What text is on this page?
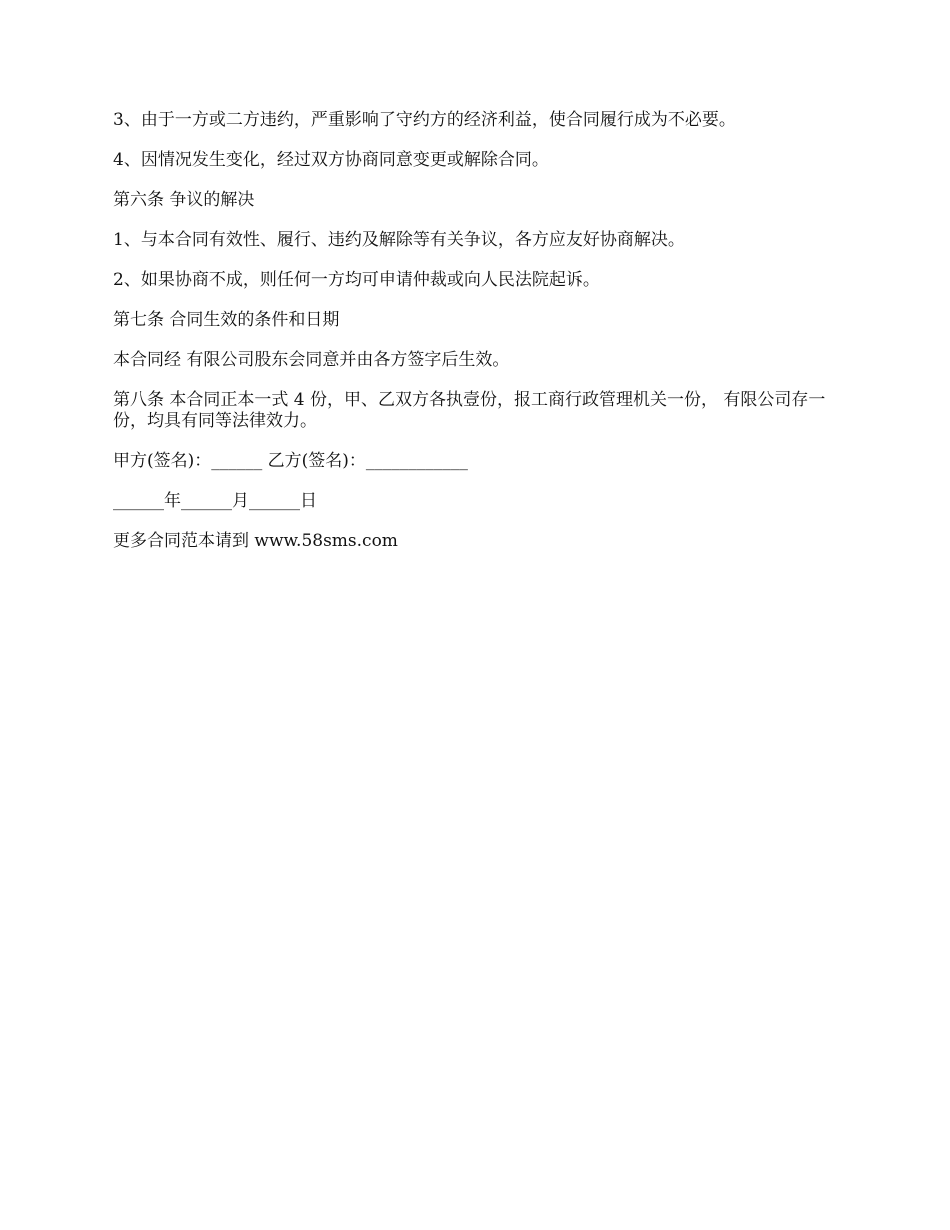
3、由于一方或二方违约，严重影响了守约方的经济利益，使合同履行成为不必要。

4、因情况发生变化，经过双方协商同意变更或解除合同。

第六条 争议的解决

1、与本合同有效性、履行、违约及解除等有关争议，各方应友好协商解决。

2、如果协商不成，则任何一方均可申请仲裁或向人民法院起诉。

第七条 合同生效的条件和日期

本合同经 有限公司股东会同意并由各方签字后生效。

第八条 本合同正本一式 4 份，甲、乙双方各执壹份，报工商行政管理机关一份， 有限公司存一份，均具有同等法律效力。

甲方(签名)：______ 乙方(签名)：____________

______年______月______日

更多合同范本请到 www.58sms.com
